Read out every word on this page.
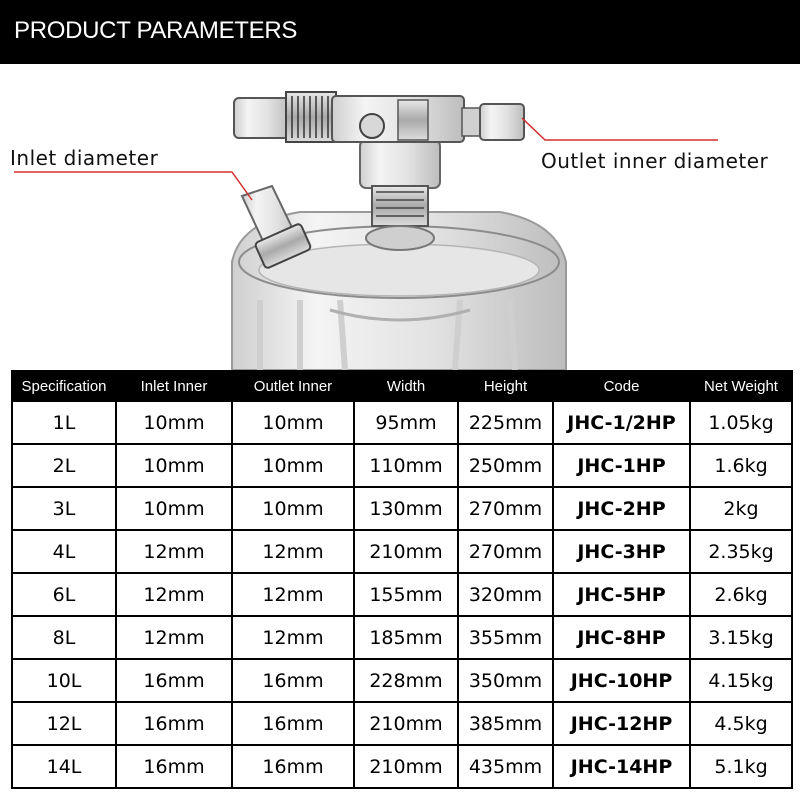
PRODUCT PARAMETERS
Inlet diameter	Outlet inner diameter
Specification	Inlet Inner	Outlet Inner	Width	Height	Code	Net Weight
1L	10mm	10mm	95mm	225mm	JHC-1/2HP	1.05kg
2L	10mm	10mm	110mm	250mm	JHC-1HP	1.6kg
3L	10mm	10mm	130mm	270mm	JHC-2HP	2kg
4L	12mm	12mm	210mm	270mm	JHC-3HP	2.35kg
6L	12mm	12mm	155mm	320mm	JHC-5HP	2.6kg
8L	12mm	12mm	185mm	355mm	JHC-8HP	3.15kg
10L	16mm	16mm	228mm	350mm	JHC-10HP	4.15kg
12L	16mm	16mm	210mm	385mm	JHC-12HP	4.5kg
14L	16mm	16mm	210mm	435mm	JHC-14HP	5.1kg
